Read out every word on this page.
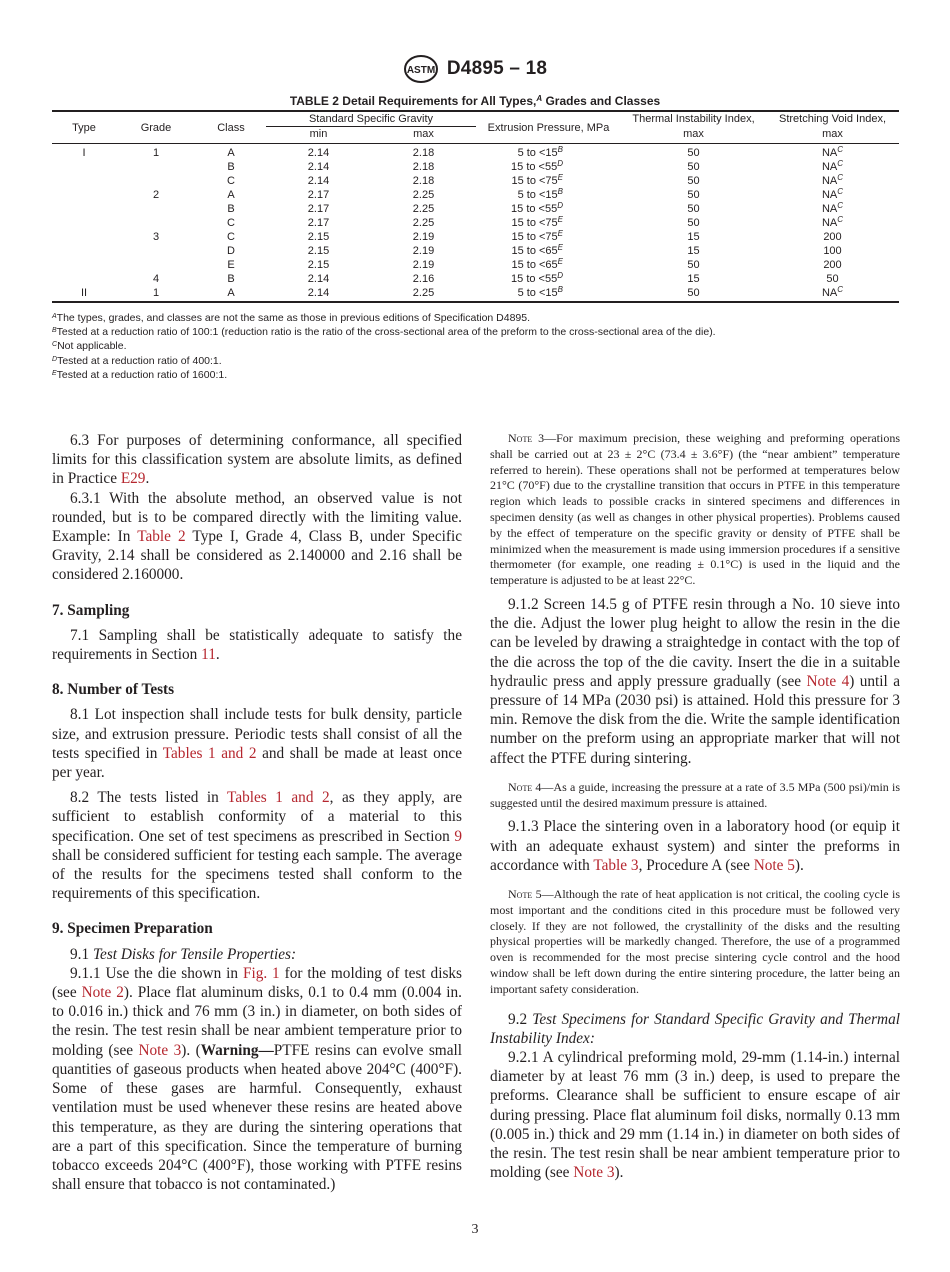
ASTM D4895 – 18
TABLE 2 Detail Requirements for All Types,$^A$ Grades and Classes
Type	Grade	Class	Standard Specific Gravity		Extrusion Pressure, MPa	Thermal Instability Index,	Stretching Void Index,
			min	max		max	max
I	1	A	2.14	2.18	5 to $<15^B$	50	$NA^C$
		B	2.14	2.18	15 to $<55^D$	50	$NA^C$
		C	2.14	2.18	15 to $<75^E$	50	$NA^C$
	2	A	2.17	2.25	5 to $<15^B$	50	$NA^C$
		B	2.17	2.25	15 to $<55^D$	50	$NA^C$
		C	2.17	2.25	15 to $<75^E$	50	$NA^C$
	3	C	2.15	2.19	15 to $<75^E$	15	200
		D	2.15	2.19	15 to $<65^E$	15	100
		E	2.15	2.19	15 to $<65^E$	50	200
	4	B	2.14	2.16	15 to $<55^D$	15	50
II	1	A	2.14	2.25	5 to $<15^B$	50	$NA^C$
$^A$The types, grades, and classes are not the same as those in previous editions of Specification D4895.
$^B$Tested at a reduction ratio of 100:1 (reduction ratio is the ratio of the cross-sectional area of the preform to the cross-sectional area of the die).
$^C$Not applicable.
$^D$Tested at a reduction ratio of 400:1.
$^E$Tested at a reduction ratio of 1600:1.

6.3 For purposes of determining conformance, all specified limits for this classification system are absolute limits, as defined in Practice E29.

6.3.1 With the absolute method, an observed value is not rounded, but is to be compared directly with the limiting value. Example: In Table 2 Type I, Grade 4, Class B, under Specific Gravity, 2.14 shall be considered as 2.140000 and 2.16 shall be considered 2.160000.

7. Sampling

7.1 Sampling shall be statistically adequate to satisfy the requirements in Section 11.

8. Number of Tests

8.1 Lot inspection shall include tests for bulk density, particle size, and extrusion pressure. Periodic tests shall consist of all the tests specified in Tables 1 and 2 and shall be made at least once per year.

8.2 The tests listed in Tables 1 and 2, as they apply, are sufficient to establish conformity of a material to this specification. One set of test specimens as prescribed in Section 9 shall be considered sufficient for testing each sample. The average of the results for the specimens tested shall conform to the requirements of this specification.

9. Specimen Preparation

9.1 Test Disks for Tensile Properties:

9.1.1 Use the die shown in Fig. 1 for the molding of test disks (see Note 2). Place flat aluminum disks, 0.1 to 0.4 mm (0.004 in. to 0.016 in.) thick and 76 mm (3 in.) in diameter, on both sides of the resin. The test resin shall be near ambient temperature prior to molding (see Note 3). (Warning—PTFE resins can evolve small quantities of gaseous products when heated above 204°C (400°F). Some of these gases are harmful. Consequently, exhaust ventilation must be used whenever these resins are heated above this temperature, as they are during the sintering operations that are a part of this specification. Since the temperature of burning tobacco exceeds 204°C (400°F), those working with PTFE resins shall ensure that tobacco is not contaminated.)

Note 3—For maximum precision, these weighing and preforming operations shall be carried out at 23 ± 2°C (73.4 ± 3.6°F) (the “near ambient” temperature referred to herein). These operations shall not be performed at temperatures below 21°C (70°F) due to the crystalline transition that occurs in PTFE in this temperature region which leads to possible cracks in sintered specimens and differences in specimen density (as well as changes in other physical properties). Problems caused by the effect of temperature on the specific gravity or density of PTFE shall be minimized when the measurement is made using immersion procedures if a sensitive thermometer (for example, one reading ± 0.1°C) is used in the liquid and the temperature is adjusted to be at least 22°C.

9.1.2 Screen 14.5 g of PTFE resin through a No. 10 sieve into the die. Adjust the lower plug height to allow the resin in the die can be leveled by drawing a straightedge in contact with the top of the die across the top of the die cavity. Insert the die in a suitable hydraulic press and apply pressure gradually (see Note 4) until a pressure of 14 MPa (2030 psi) is attained. Hold this pressure for 3 min. Remove the disk from the die. Write the sample identification number on the preform using an appropriate marker that will not affect the PTFE during sintering.

Note 4—As a guide, increasing the pressure at a rate of 3.5 MPa (500 psi)/min is suggested until the desired maximum pressure is attained.

9.1.3 Place the sintering oven in a laboratory hood (or equip it with an adequate exhaust system) and sinter the preforms in accordance with Table 3, Procedure A (see Note 5).

Note 5—Although the rate of heat application is not critical, the cooling cycle is most important and the conditions cited in this procedure must be followed very closely. If they are not followed, the crystallinity of the disks and the resulting physical properties will be markedly changed. Therefore, the use of a programmed oven is recommended for the most precise sintering cycle control and the hood window shall be left down during the entire sintering procedure, the latter being an important safety consideration.

9.2 Test Specimens for Standard Specific Gravity and Thermal Instability Index:

9.2.1 A cylindrical preforming mold, 29-mm (1.14-in.) internal diameter by at least 76 mm (3 in.) deep, is used to prepare the preforms. Clearance shall be sufficient to ensure escape of air during pressing. Place flat aluminum foil disks, normally 0.13 mm (0.005 in.) thick and 29 mm (1.14 in.) in diameter on both sides of the resin. The test resin shall be near ambient temperature prior to molding (see Note 3).

3
